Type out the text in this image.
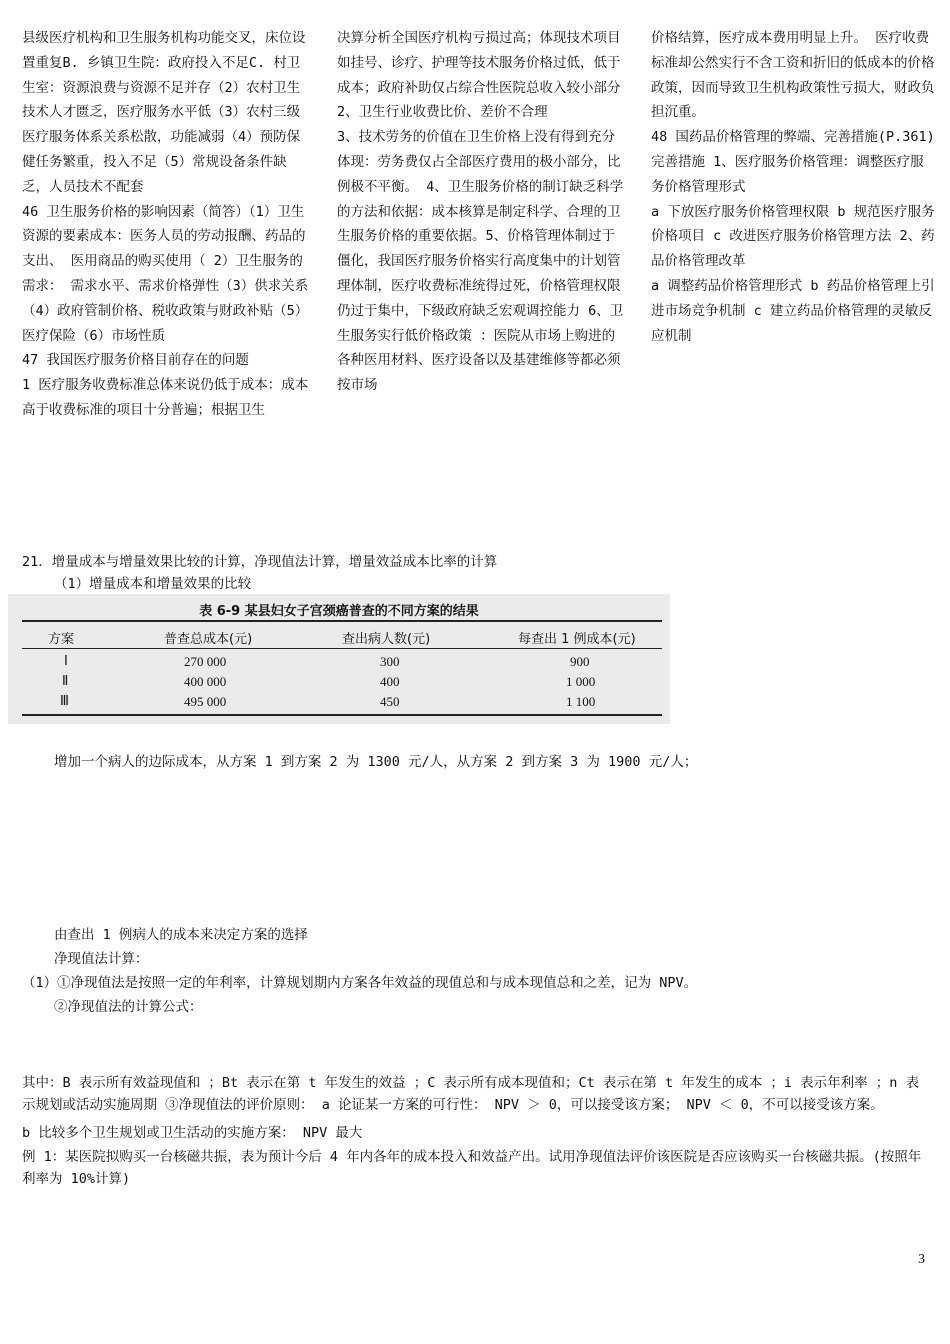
县级医疗机构和卫生服务机构功能交叉，床位设置重复B. 乡镇卫生院：政府投入不足C. 村卫生室：资源浪费与资源不足并存（2）农村卫生技术人才匮乏，医疗服务水平低（3）农村三级医疗服务体系关系松散，功能减弱（4）预防保健任务繁重，投入不足（5）常规设备条件缺乏，人员技术不配套
46 卫生服务价格的影响因素（简答）（1）卫生资源的要素成本：医务人员的劳动报酬、药品的支出、 医用商品的购买使用（ 2）卫生服务的需求： 需求水平、需求价格弹性（3）供求关系（4）政府管制价格、税收政策与财政补贴（5）医疗保险（6）市场性质
47 我国医疗服务价格目前存在的问题
1 医疗服务收费标准总体来说仍低于成本：成本高于收费标准的项目十分普遍；根据卫生
决算分析全国医疗机构亏损过高；体现技术项目如挂号、诊疗、护理等技术服务价格过低，低于成本；政府补助仅占综合性医院总收入较小部分 2、卫生行业收费比价、差价不合理
3、技术劳务的价值在卫生价格上没有得到充分体现：劳务费仅占全部医疗费用的极小部分，比例极不平衡。 4、卫生服务价格的制订缺乏科学的方法和依据：成本核算是制定科学、合理的卫生服务价格的重要依据。5、价格管理体制过于僵化，我国医疗服务价格实行高度集中的计划管理体制，医疗收费标准统得过死，价格管理权限仍过于集中，下级政府缺乏宏观调控能力 6、卫生服务实行低价格政策 ：医院从市场上购进的各种医用材料、医疗设备以及基建维修等都必须按市场
价格结算，医疗成本费用明显上升。 医疗收费标准却公然实行不含工资和折旧的低成本的价格政策，因而导致卫生机构政策性亏损大，财政负担沉重。
48 国药品价格管理的弊端、完善措施(P.361)完善措施 1、医疗服务价格管理：调整医疗服务价格管理形式
a 下放医疗服务价格管理权限 b 规范医疗服务价格项目 c 改进医疗服务价格管理方法 2、药品价格管理改革
a 调整药品价格管理形式 b 药品价格管理上引进市场竞争机制 c 建立药品价格管理的灵敏反应机制
21．增量成本与增量效果比较的计算，净现值法计算，增量效益成本比率的计算
（1）增量成本和增量效果的比较
表 6-9 某县妇女子宫颈癌普查的不同方案的结果
方案	普查总成本(元)	查出病人数(元)	每查出 1 例成本(元)
Ⅰ	270 000	300	900
Ⅱ	400 000	400	1 000
Ⅲ	495 000	450	1 100
增加一个病人的边际成本，从方案 1 到方案 2 为 1300 元/人，从方案 2 到方案 3 为 1900 元/人；
由查出 1 例病人的成本来决定方案的选择
净现值法计算：
（1）①净现值法是按照一定的年利率，计算规划期内方案各年效益的现值总和与成本现值总和之差，记为 NPV。
②净现值法的计算公式：
其中：B 表示所有效益现值和 ；Bt 表示在第 t 年发生的效益 ；C 表示所有成本现值和；Ct 表示在第 t 年发生的成本 ；i 表示年利率 ；n 表示规划或活动实施周期 ③净现值法的评价原则： a 论证某一方案的可行性： NPV ＞ 0，可以接受该方案； NPV ＜ 0，不可以接受该方案。
b 比较多个卫生规划或卫生活动的实施方案： NPV 最大
例 1：某医院拟购买一台核磁共振，表为预计今后 4 年内各年的成本投入和效益产出。试用净现值法评价该医院是否应该购买一台核磁共振。(按照年利率为 10%计算)
3
